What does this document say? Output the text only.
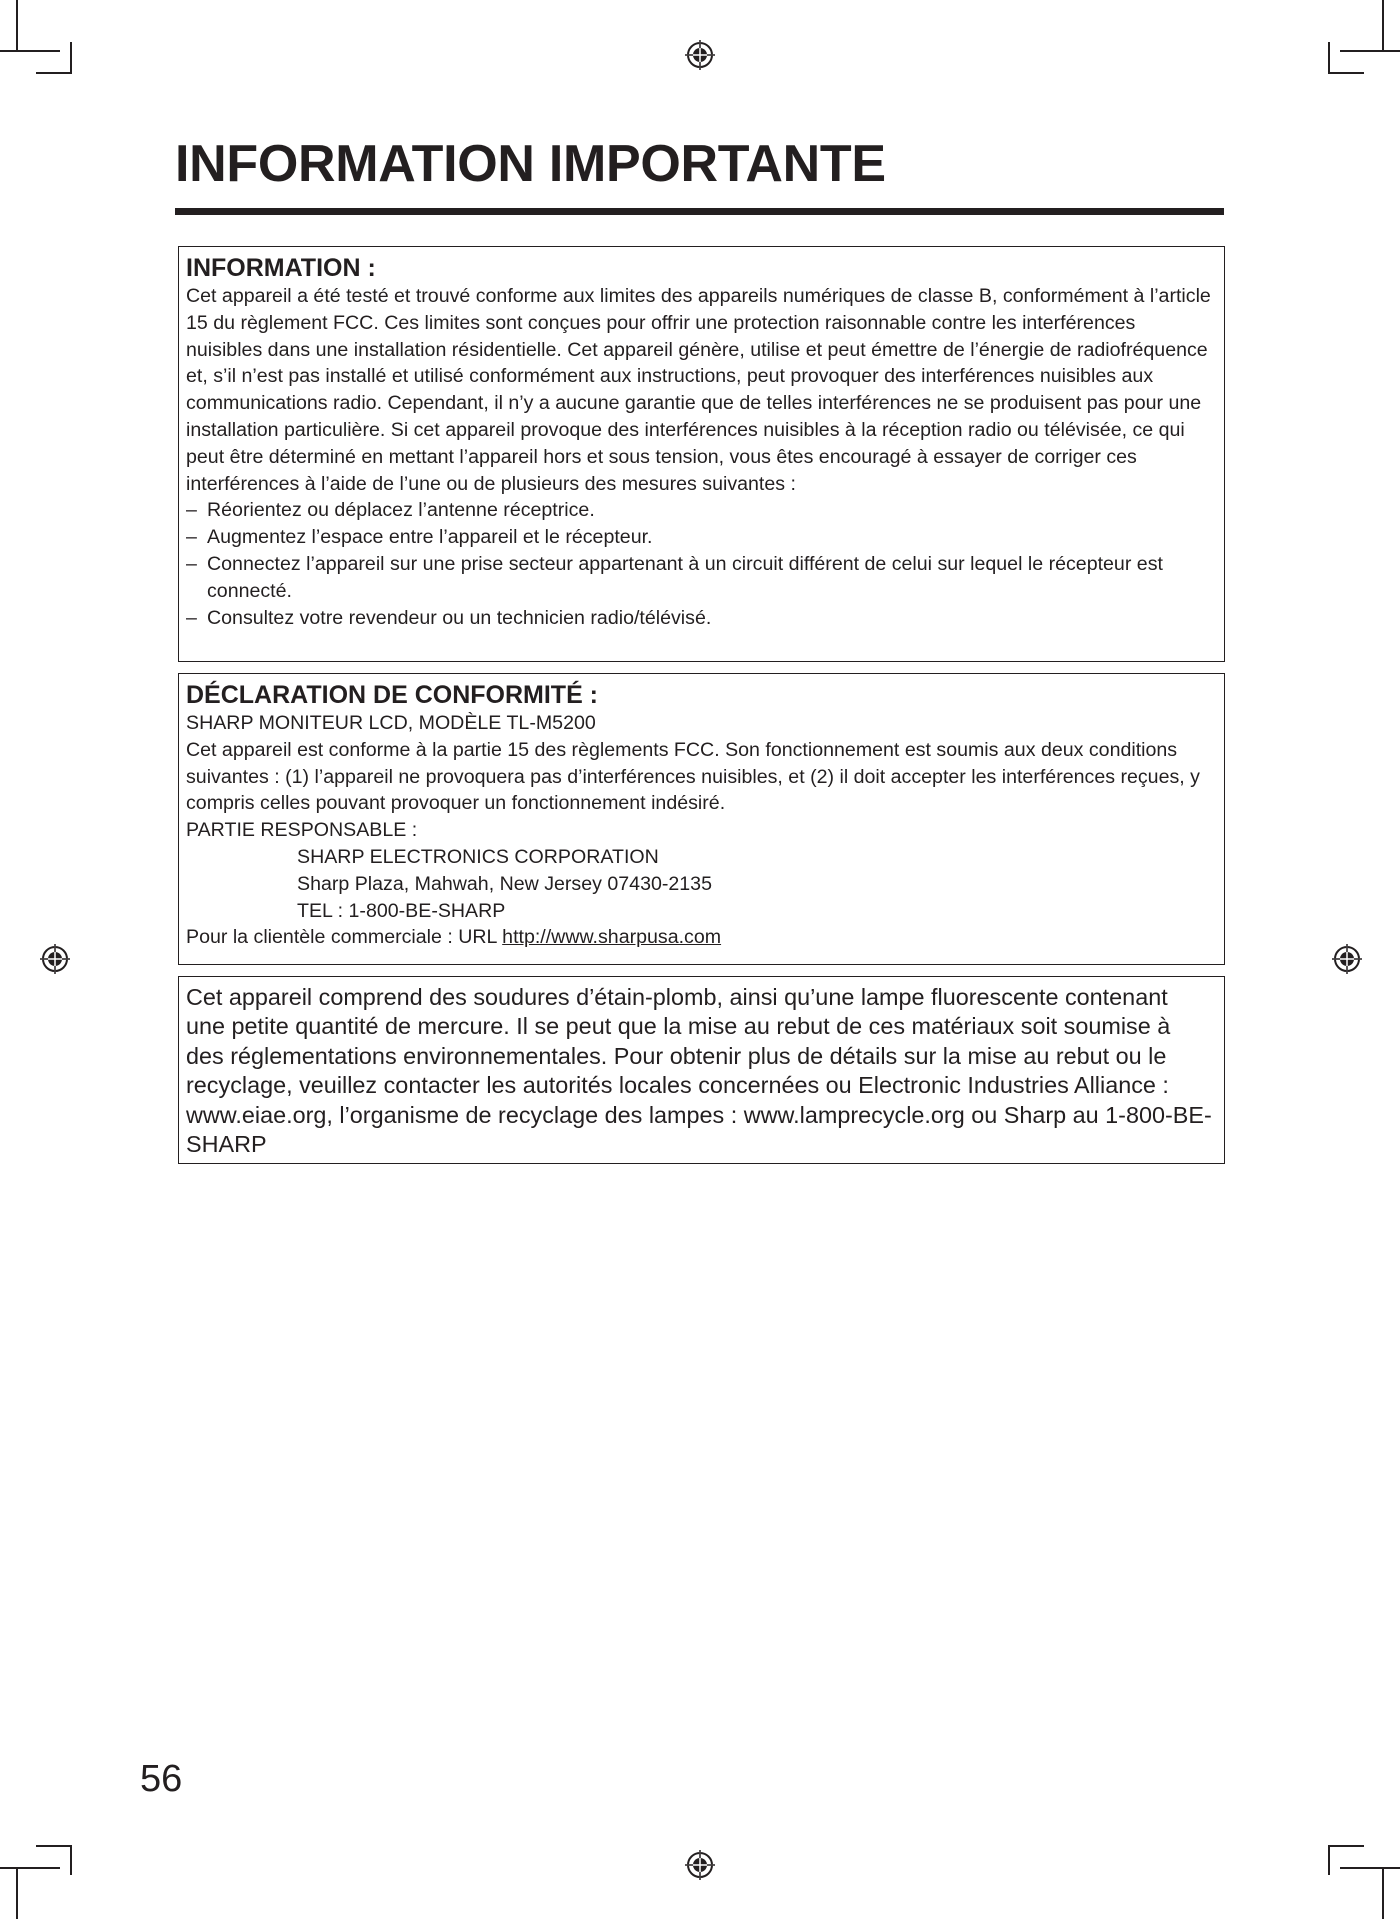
INFORMATION IMPORTANTE
INFORMATION :

Cet appareil a été testé et trouvé conforme aux limites des appareils numériques de classe B, conformément à l’article 15 du règlement FCC. Ces limites sont conçues pour offrir une protection raisonnable contre les interférences nuisibles dans une installation résidentielle. Cet appareil génère, utilise et peut émettre de l’énergie de radiofréquence et, s’il n’est pas installé et utilisé conformément aux instructions, peut provoquer des interférences nuisibles aux communications radio. Cependant, il n’y a aucune garantie que de telles interférences ne se produisent pas pour une installation particulière. Si cet appareil provoque des interférences nuisibles à la réception radio ou télévisée, ce qui peut être déterminé en mettant l’appareil hors et sous tension, vous êtes encouragé à essayer de corriger ces interférences à l’aide de l’une ou de plusieurs des mesures suivantes :

– Réorientez ou déplacez l’antenne réceptrice.
– Augmentez l’espace entre l’appareil et le récepteur.
– Connectez l’appareil sur une prise secteur appartenant à un circuit différent de celui sur lequel le récepteur est connecté.
– Consultez votre revendeur ou un technicien radio/télévisé.
DÉCLARATION DE CONFORMITÉ :

SHARP MONITEUR LCD, MODÈLE TL-M5200

Cet appareil est conforme à la partie 15 des règlements FCC. Son fonctionnement est soumis aux deux conditions suivantes : (1) l’appareil ne provoquera pas d’interférences nuisibles, et (2) il doit accepter les interférences reçues, y compris celles pouvant provoquer un fonctionnement indésiré.

PARTIE RESPONSABLE :

SHARP ELECTRONICS CORPORATION

Sharp Plaza, Mahwah, New Jersey 07430-2135

TEL : 1-800-BE-SHARP

Pour la clientèle commerciale : URL http://www.sharpusa.com

Cet appareil comprend des soudures d’étain-plomb, ainsi qu’une lampe fluorescente contenant une petite quantité de mercure. Il se peut que la mise au rebut de ces matériaux soit soumise à des réglementations environnementales. Pour obtenir plus de détails sur la mise au rebut ou le recyclage, veuillez contacter les autorités locales concernées ou Electronic Industries Alliance : www.eiae.org, l’organisme de recyclage des lampes : www.lamprecycle.org ou Sharp au 1-800-BE-SHARP

56
